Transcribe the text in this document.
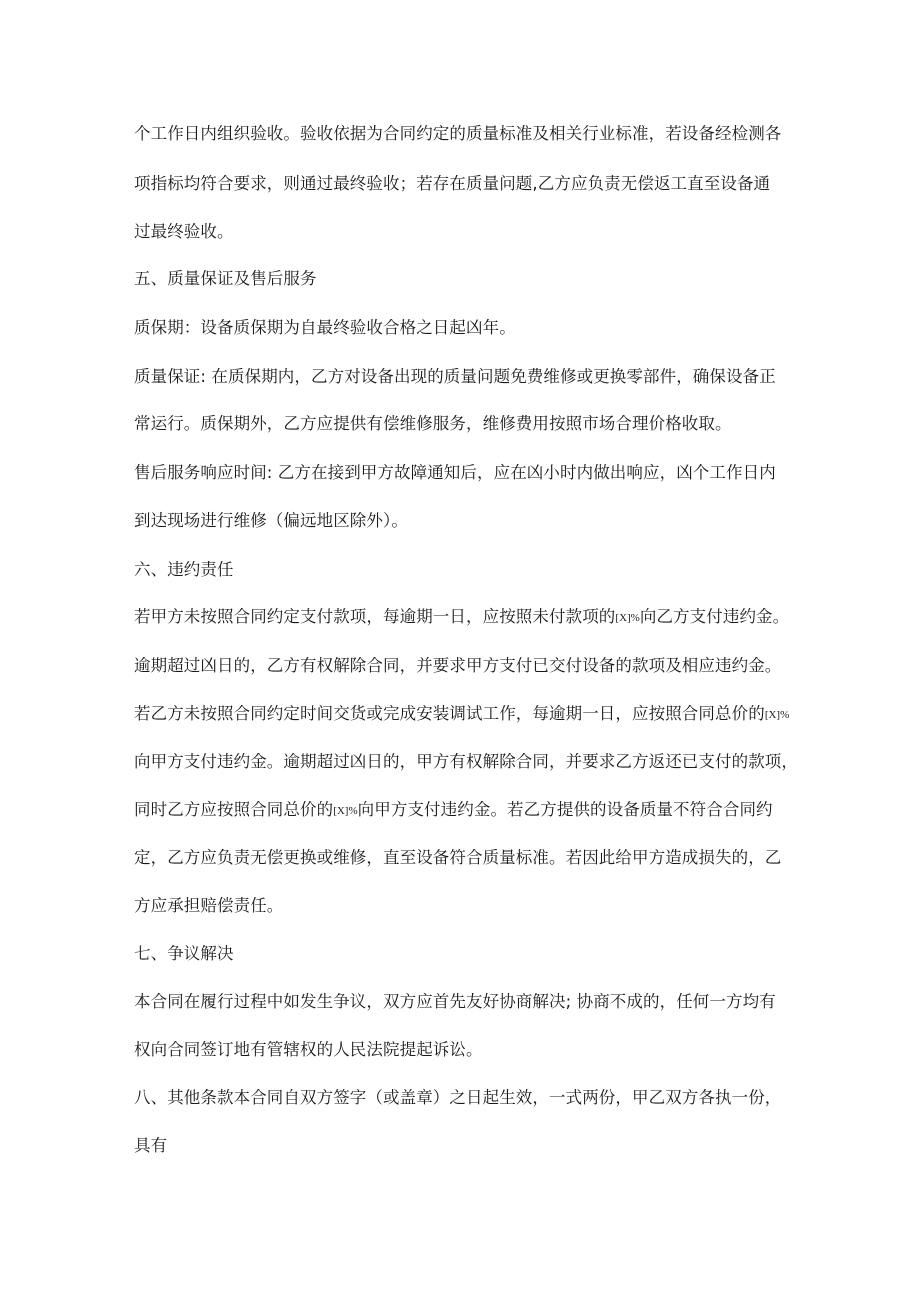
个工作日内组织验收。验收依据为合同约定的质量标准及相关行业标准，若设备经检测各
项指标均符合要求，则通过最终验收；若存在质量问题,乙方应负责无偿返工直至设备通
过最终验收。
五、质量保证及售后服务
质保期：设备质保期为自最终验收合格之日起凶年。
质量保证: 在质保期内，乙方对设备出现的质量问题免费维修或更换零部件，确保设备正
常运行。质保期外，乙方应提供有偿维修服务，维修费用按照市场合理价格收取。
售后服务响应时间: 乙方在接到甲方故障通知后，应在凶小时内做出响应，凶个工作日内
到达现场进行维修（偏远地区除外）。
六、违约责任
若甲方未按照合同约定支付款项，每逾期一日，应按照未付款项的[X]%向乙方支付违约金。
逾期超过凶日的，乙方有权解除合同，并要求甲方支付已交付设备的款项及相应违约金。
若乙方未按照合同约定时间交货或完成安装调试工作，每逾期一日，应按照合同总价的[X]%
向甲方支付违约金。逾期超过凶日的，甲方有权解除合同，并要求乙方返还已支付的款项，
同时乙方应按照合同总价的[X]%向甲方支付违约金。若乙方提供的设备质量不符合合同约
定，乙方应负责无偿更换或维修，直至设备符合质量标准。若因此给甲方造成损失的，乙
方应承担赔偿责任。
七、争议解决
本合同在履行过程中如发生争议，双方应首先友好协商解决; 协商不成的，任何一方均有
权向合同签订地有管辖权的人民法院提起诉讼。
八、其他条款本合同自双方签字（或盖章）之日起生效，一式两份，甲乙双方各执一份，
具有
